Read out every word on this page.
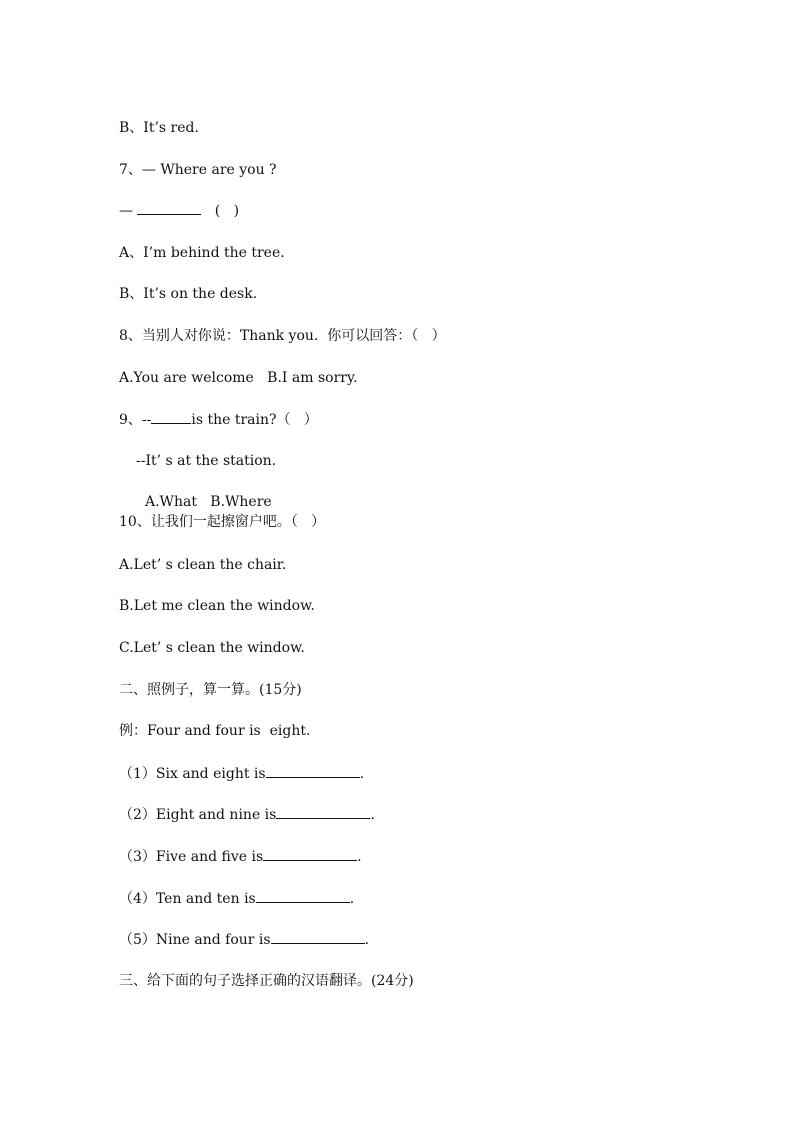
B、It’s red.
7、— Where are you ?
—	(   )
A、I’m behind the tree.
B、It’s on the desk.
8、当别人对你说：Thank you.  你可以回答：（   ）
A.You are welcome   B.I am sorry.
9、--	is the train?（   ）
--It’ s at the station.
A.What   B.Where
10、让我们一起擦窗户吧。（   ）
A.Let’ s clean the chair.
B.Let me clean the window.
C.Let’ s clean the window.
二、照例子，算一算。(15分)
例：Four and four is  eight.
（1）Six and eight is	.
（2）Eight and nine is	.
（3）Five and five is	.
（4）Ten and ten is	.
（5）Nine and four is	.
三、给下面的句子选择正确的汉语翻译。(24分)
